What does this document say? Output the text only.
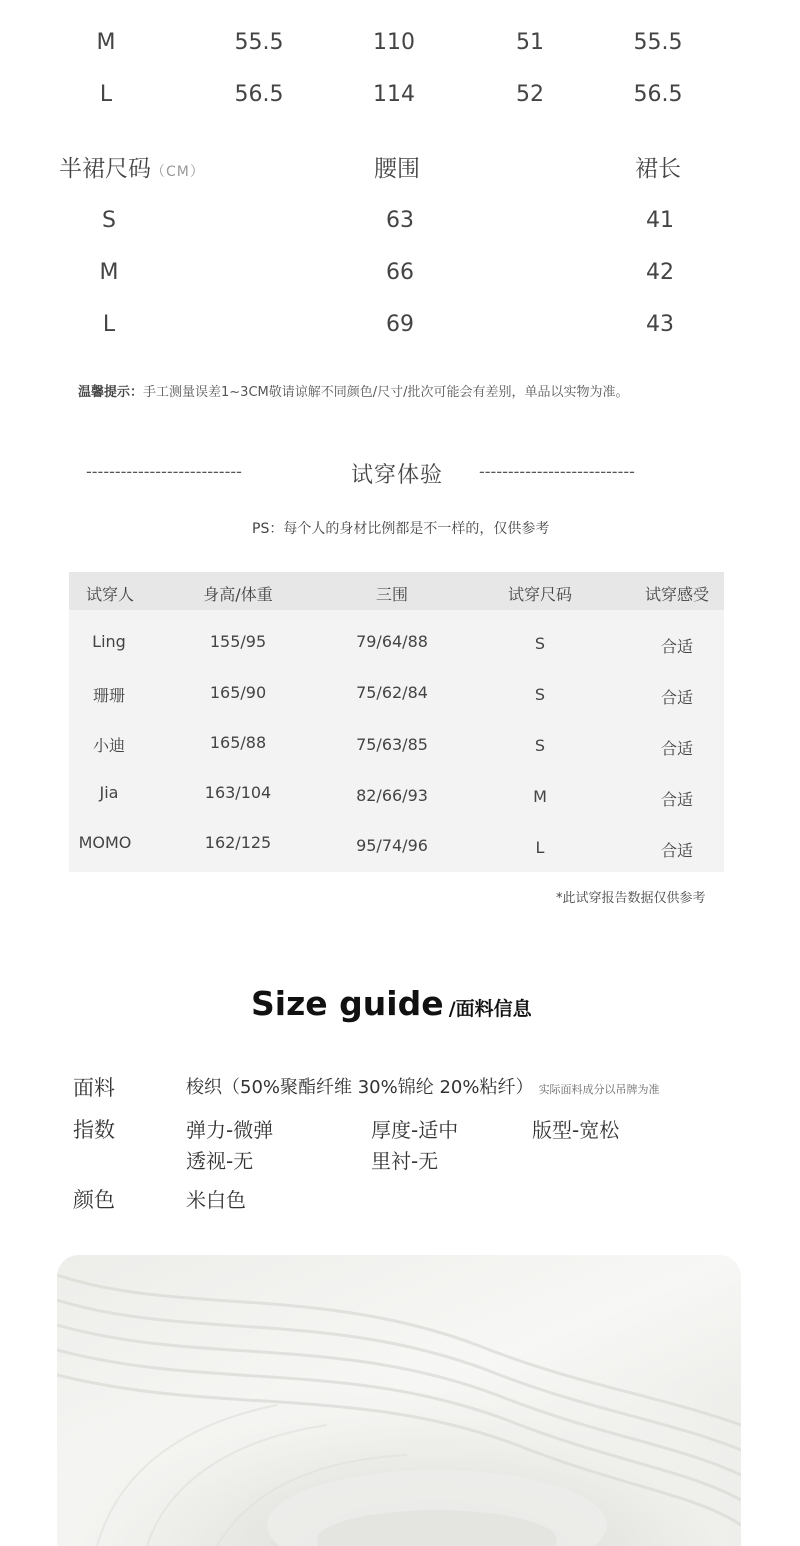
M	55.5	110	51	55.5
L	56.5	114	52	56.5
半裙尺码（CM）	腰围	裙长
S	63	41
M	66	42
L	69	43
温馨提示：手工测量误差1~3CM敬请谅解不同颜色/尺寸/批次可能会有差别，单品以实物为准。
---------------------------	试穿体验 ---------------------------
PS：每个人的身材比例都是不一样的，仅供参考
试穿人	身高/体重	三围	试穿尺码	试穿感受
Ling	155/95	79/64/88	S	合适
珊珊	165/90	75/62/84	S	合适
小迪	165/88	75/63/85	S	合适
Jia	163/104	82/66/93	M	合适
MOMO	162/125	95/74/96	L	合适
*此试穿报告数据仅供参考
Size guide /面料信息
面料	梭织（50%聚酯纤维 30%锦纶 20%粘纤） 实际面料成分以吊牌为准
指数	弹力-微弹	厚度-适中	版型-宽松
透视-无	里衬-无
颜色	米白色
